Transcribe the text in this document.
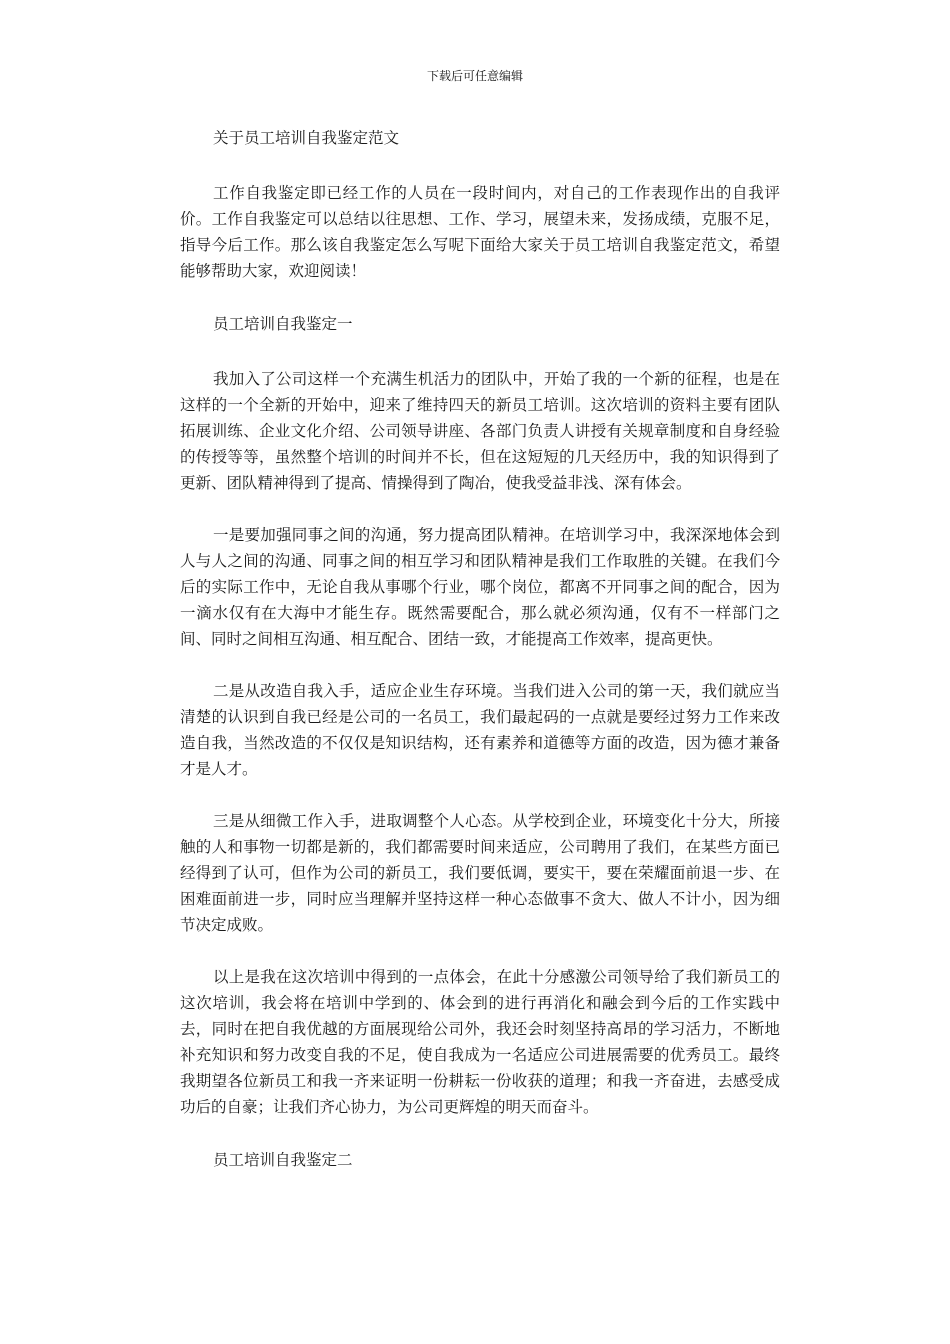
下载后可任意编辑

关于员工培训自我鉴定范文

工作自我鉴定即已经工作的人员在一段时间内，对自己的工作表现作出的自我评价。工作自我鉴定可以总结以往思想、工作、学习，展望未来，发扬成绩，克服不足，指导今后工作。那么该自我鉴定怎么写呢下面给大家关于员工培训自我鉴定范文，希望能够帮助大家，欢迎阅读！

员工培训自我鉴定一

我加入了公司这样一个充满生机活力的团队中，开始了我的一个新的征程，也是在这样的一个全新的开始中，迎来了维持四天的新员工培训。这次培训的资料主要有团队拓展训练、企业文化介绍、公司领导讲座、各部门负责人讲授有关规章制度和自身经验的传授等等，虽然整个培训的时间并不长，但在这短短的几天经历中，我的知识得到了更新、团队精神得到了提高、情操得到了陶冶，使我受益非浅、深有体会。

一是要加强同事之间的沟通，努力提高团队精神。在培训学习中，我深深地体会到人与人之间的沟通、同事之间的相互学习和团队精神是我们工作取胜的关键。在我们今后的实际工作中，无论自我从事哪个行业，哪个岗位，都离不开同事之间的配合，因为一滴水仅有在大海中才能生存。既然需要配合，那么就必须沟通，仅有不一样部门之间、同时之间相互沟通、相互配合、团结一致，才能提高工作效率，提高更快。

二是从改造自我入手，适应企业生存环境。当我们进入公司的第一天，我们就应当清楚的认识到自我已经是公司的一名员工，我们最起码的一点就是要经过努力工作来改造自我，当然改造的不仅仅是知识结构，还有素养和道德等方面的改造，因为德才兼备才是人才。

三是从细微工作入手，进取调整个人心态。从学校到企业，环境变化十分大，所接触的人和事物一切都是新的，我们都需要时间来适应，公司聘用了我们，在某些方面已经得到了认可，但作为公司的新员工，我们要低调，要实干，要在荣耀面前退一步、在困难面前进一步，同时应当理解并坚持这样一种心态做事不贪大、做人不计小，因为细节决定成败。

以上是我在这次培训中得到的一点体会，在此十分感激公司领导给了我们新员工的这次培训，我会将在培训中学到的、体会到的进行再消化和融会到今后的工作实践中去，同时在把自我优越的方面展现给公司外，我还会时刻坚持高昂的学习活力，不断地补充知识和努力改变自我的不足，使自我成为一名适应公司进展需要的优秀员工。最终我期望各位新员工和我一齐来证明一份耕耘一份收获的道理；和我一齐奋进，去感受成功后的自豪；让我们齐心协力，为公司更辉煌的明天而奋斗。

员工培训自我鉴定二
